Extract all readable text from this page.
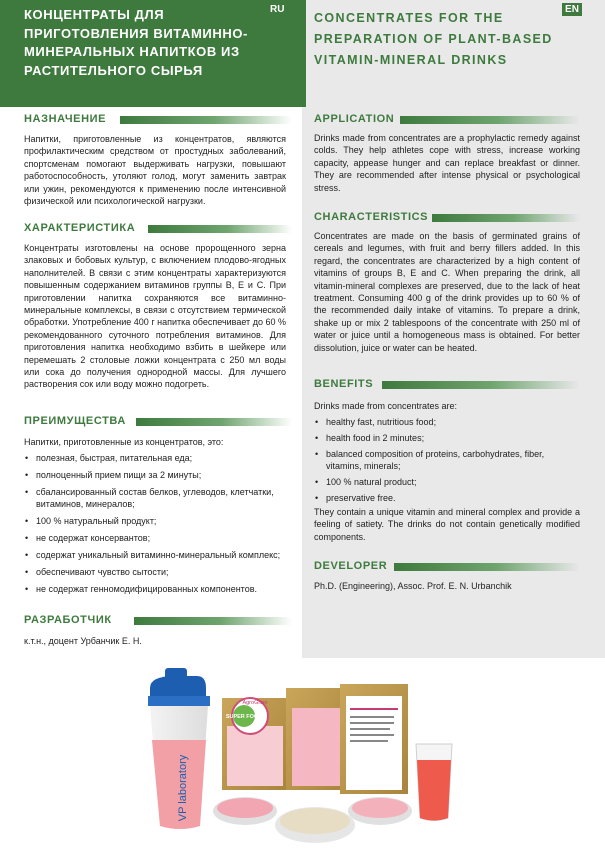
КОНЦЕНТРАТЫ ДЛЯ ПРИГОТОВЛЕНИЯ ВИТАМИННО-МИНЕРАЛЬНЫХ НАПИТКОВ ИЗ РАСТИТЕЛЬНОГО СЫРЬЯ
RU
CONCENTRATES FOR THE PREPARATION OF PLANT-BASED VITAMIN-MINERAL DRINKS
EN
НАЗНАЧЕНИЕ
Напитки, приготовленные из концентратов, являются профилактическим средством от простудных заболеваний, спортсменам помогают выдерживать нагрузки, повышают работоспособность, утоляют голод, могут заменить завтрак или ужин, рекомендуются к применению после интенсивной физической или психологической нагрузки.
ХАРАКТЕРИСТИКА
Концентраты изготовлены на основе пророщенного зерна злаковых и бобовых культур, с включением плодово-ягодных наполнителей. В связи с этим концентраты характеризуются повышенным содержанием витаминов группы В, Е и С. При приготовлении напитка сохраняются все витаминно-минеральные комплексы, в связи с отсутствием термической обработки. Употребление 400 г напитка обеспечивает до 60 % рекомендованного суточного потребления витаминов. Для приготовления напитка необходимо взбить в шейкере или перемешать 2 столовые ложки концентрата с 250 мл воды или сока до получения однородной массы. Для лучшего растворения сок или воду можно подогреть.
ПРЕИМУЩЕСТВА
Напитки, приготовленные из концентратов, это:
• полезная, быстрая, питательная еда;
• полноценный прием пищи за 2 минуты;
• сбалансированный состав белков, углеводов, клетчатки, витаминов, минералов;
• 100 % натуральный продукт;
• не содержат консервантов;
• содержат уникальный витаминно-минеральный комплекс;
• обеспечивают чувство сытости;
• не содержат генномодифицированных компонентов.
РАЗРАБОТЧИК
к.т.н., доцент Урбанчик Е. Н.
APPLICATION
Drinks made from concentrates are a prophylactic remedy against colds. They help athletes cope with stress, increase working capacity, appease hunger and can replace breakfast or dinner. They are recommended after intense physical or psychological stress.
CHARACTERISTICS
Concentrates are made on the basis of germinated grains of cereals and legumes, with fruit and berry fillers added. In this regard, the concentrates are characterized by a high content of vitamins of groups B, E and C. When preparing the drink, all vitamin-mineral complexes are preserved, due to the lack of heat treatment. Consuming 400 g of the drink provides up to 60 % of the recommended daily intake of vitamins. To prepare a drink, shake up or mix 2 tablespoons of the concentrate with 250 ml of water or juice until a homogeneous mass is obtained. For better dissolution, juice or water can be heated.
BENEFITS
Drinks made from concentrates are:
• healthy fast, nutritious food;
• health food in 2 minutes;
• balanced composition of proteins, carbohydrates, fiber, vitamins, minerals;
• 100 % natural product;
• preservative free.
They contain a unique vitamin and mineral complex and provide a feeling of satiety. The drinks do not contain genetically modified components.
DEVELOPER
Ph.D. (Engineering), Assoc. Prof. E. N. Urbanchik
VP laboratory
SUPER FOOD
AgroGrain
